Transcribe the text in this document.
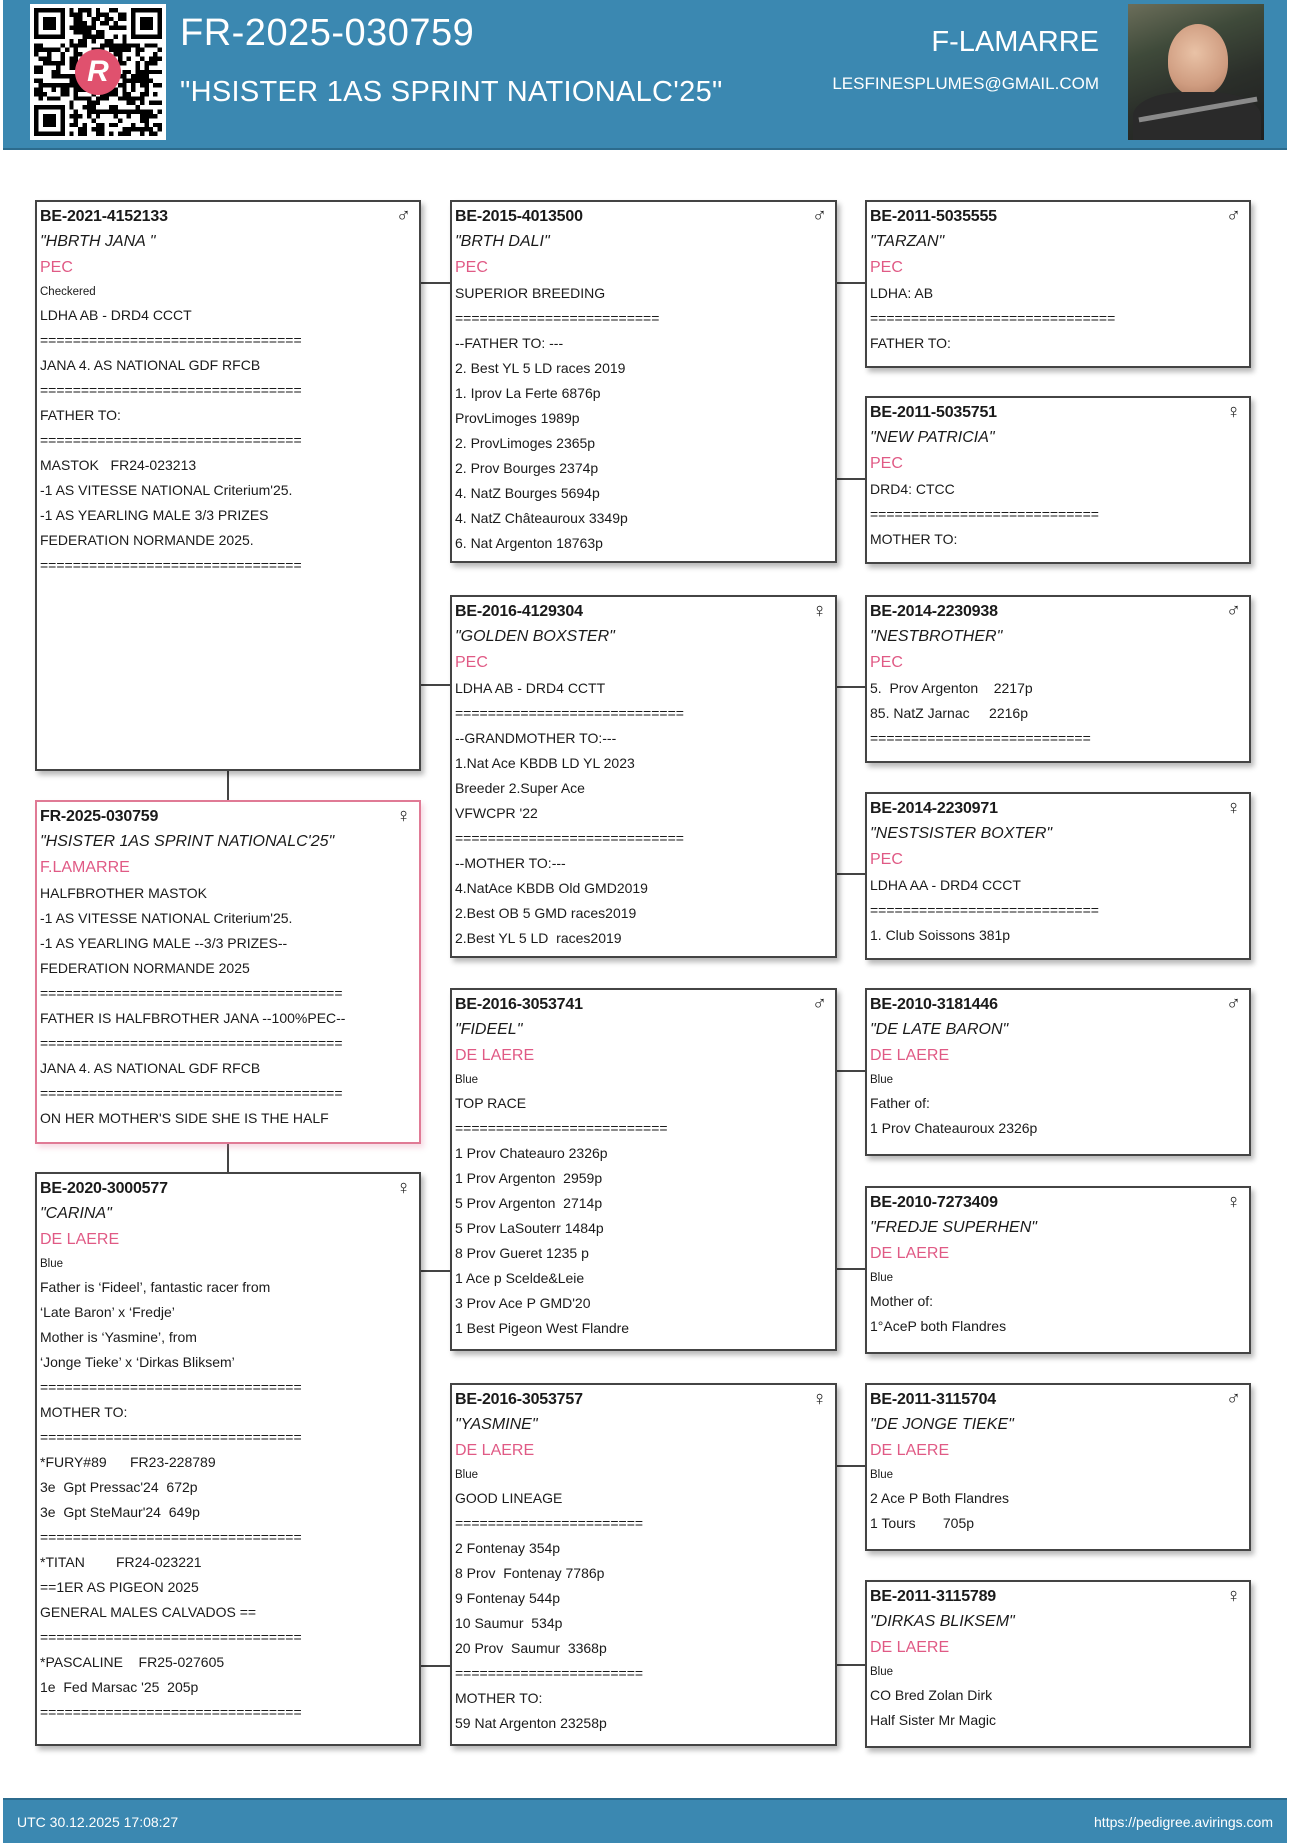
R
FR-2025-030759
"HSISTER 1AS SPRINT NATIONALC'25"
F-LAMARRE
LESFINESPLUMES@GMAIL.COM
♂
BE-2021-4152133
"HBRTH JANA "
PEC
Checkered
LDHA AB - DRD4 CCCT
================================
JANA 4. AS NATIONAL GDF RFCB
================================
FATHER TO:
================================
MASTOK   FR24-023213
-1 AS VITESSE NATIONAL Criterium'25.
-1 AS YEARLING MALE 3/3 PRIZES
FEDERATION NORMANDE 2025.
================================
♀
FR-2025-030759
"HSISTER 1AS SPRINT NATIONALC'25"
F.LAMARRE
HALFBROTHER MASTOK
-1 AS VITESSE NATIONAL Criterium'25.
-1 AS YEARLING MALE --3/3 PRIZES--
FEDERATION NORMANDE 2025
=====================================
FATHER IS HALFBROTHER JANA --100%PEC--
=====================================
JANA 4. AS NATIONAL GDF RFCB
=====================================
ON HER MOTHER'S SIDE SHE IS THE HALF
♀
BE-2020-3000577
"CARINA"
DE LAERE
Blue
Father is ‘Fideel’, fantastic racer from
‘Late Baron’ x ‘Fredje’
Mother is ‘Yasmine’, from
‘Jonge Tieke’ x ‘Dirkas Bliksem’
================================
MOTHER TO:
================================
*FURY#89      FR23-228789
3e  Gpt Pressac'24  672p
3e  Gpt SteMaur'24  649p
================================
*TITAN        FR24-023221
==1ER AS PIGEON 2025
GENERAL MALES CALVADOS ==
================================
*PASCALINE    FR25-027605
1e  Fed Marsac '25  205p
================================
♂
BE-2015-4013500
"BRTH DALI"
PEC
SUPERIOR BREEDING
=========================
--FATHER TO: ---
2. Best YL 5 LD races 2019
1. Iprov La Ferte 6876p
ProvLimoges 1989p
2. ProvLimoges 2365p
2. Prov Bourges 2374p
4. NatZ Bourges 5694p
4. NatZ Châteauroux 3349p
6. Nat Argenton 18763p
♀
BE-2016-4129304
"GOLDEN BOXSTER"
PEC
LDHA AB - DRD4 CCTT
============================
--GRANDMOTHER TO:---
1.Nat Ace KBDB LD YL 2023
Breeder 2.Super Ace
VFWCPR '22
============================
--MOTHER TO:---
4.NatAce KBDB Old GMD2019
2.Best OB 5 GMD races2019
2.Best YL 5 LD  races2019
♂
BE-2016-3053741
"FIDEEL"
DE LAERE
Blue
TOP RACE
==========================
1 Prov Chateauro 2326p
1 Prov Argenton  2959p
5 Prov Argenton  2714p
5 Prov LaSouterr 1484p
8 Prov Gueret 1235 p
1 Ace p Scelde&Leie
3 Prov Ace P GMD'20
1 Best Pigeon West Flandre
♀
BE-2016-3053757
"YASMINE"
DE LAERE
Blue
GOOD LINEAGE
=======================
2 Fontenay 354p
8 Prov  Fontenay 7786p
9 Fontenay 544p
10 Saumur  534p
20 Prov  Saumur  3368p
=======================
MOTHER TO:
59 Nat Argenton 23258p
♂
BE-2011-5035555
"TARZAN"
PEC
LDHA: AB
==============================
FATHER TO:
♀
BE-2011-5035751
"NEW PATRICIA"
PEC
DRD4: CTCC
============================
MOTHER TO:
♂
BE-2014-2230938
"NESTBROTHER"
PEC
5.  Prov Argenton    2217p
85. NatZ Jarnac     2216p
===========================
♀
BE-2014-2230971
"NESTSISTER BOXTER"
PEC
LDHA AA - DRD4 CCCT
============================
1. Club Soissons 381p
♂
BE-2010-3181446
"DE LATE BARON"
DE LAERE
Blue
Father of:
1 Prov Chateauroux 2326p
♀
BE-2010-7273409
"FREDJE SUPERHEN"
DE LAERE
Blue
Mother of:
1°AceP both Flandres
♂
BE-2011-3115704
"DE JONGE TIEKE"
DE LAERE
Blue
2 Ace P Both Flandres
1 Tours       705p
♀
BE-2011-3115789
"DIRKAS BLIKSEM"
DE LAERE
Blue
CO Bred Zolan Dirk
Half Sister Mr Magic
UTC 30.12.2025 17:08:27	https://pedigree.avirings.com
